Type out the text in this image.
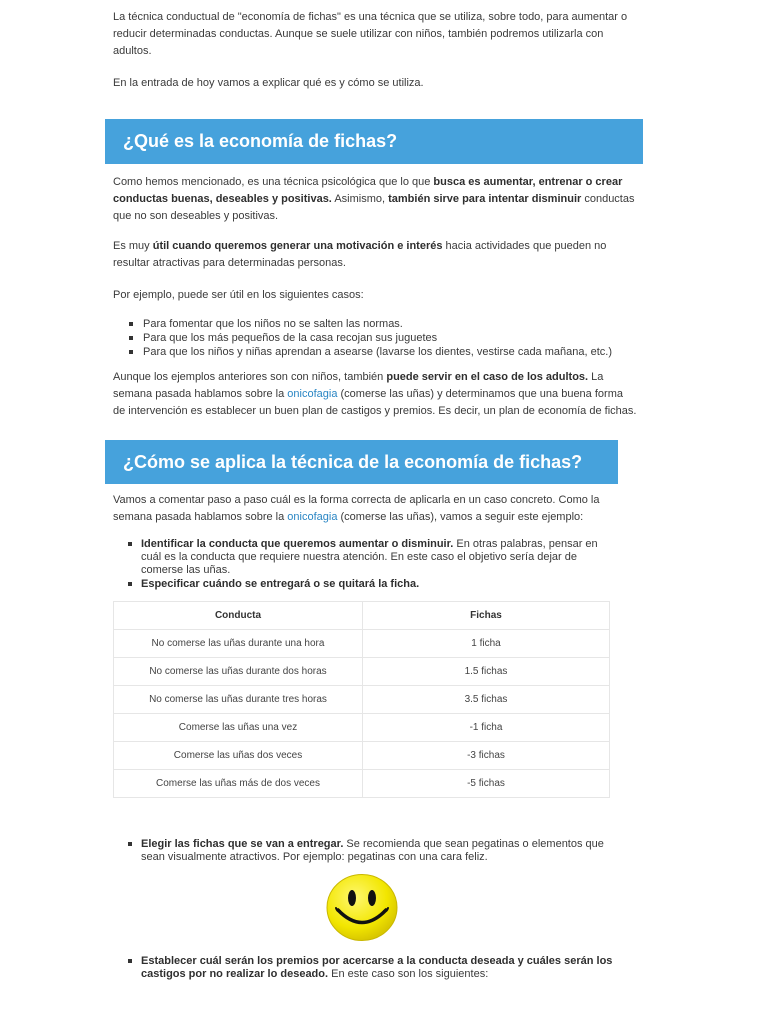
La técnica conductual de "economía de fichas" es una técnica que se utiliza, sobre todo, para aumentar o reducir determinadas conductas. Aunque se suele utilizar con niños, también podremos utilizarla con adultos.

En la entrada de hoy vamos a explicar qué es y cómo se utiliza.

¿Qué es la economía de fichas?

Como hemos mencionado, es una técnica psicológica que lo que busca es aumentar, entrenar o crear conductas buenas, deseables y positivas. Asimismo, también sirve para intentar disminuir conductas que no son deseables y positivas.

Es muy útil cuando queremos generar una motivación e interés hacia actividades que pueden no resultar atractivas para determinadas personas.

Por ejemplo, puede ser útil en los siguientes casos:

Para fomentar que los niños no se salten las normas.
Para que los más pequeños de la casa recojan sus juguetes
Para que los niños y niñas aprendan a asearse (lavarse los dientes, vestirse cada mañana, etc.)

Aunque los ejemplos anteriores son con niños, también puede servir en el caso de los adultos. La semana pasada hablamos sobre la onicofagia (comerse las uñas) y determinamos que una buena forma de intervención es establecer un buen plan de castigos y premios. Es decir, un plan de economía de fichas.

¿Cómo se aplica la técnica de la economía de fichas?

Vamos a comentar paso a paso cuál es la forma correcta de aplicarla en un caso concreto. Como la semana pasada hablamos sobre la onicofagia (comerse las uñas), vamos a seguir este ejemplo:

Identificar la conducta que queremos aumentar o disminuir. En otras palabras, pensar en cuál es la conducta que requiere nuestra atención. En este caso el objetivo sería dejar de comerse las uñas.
Especificar cuándo se entregará o se quitará la ficha.
Conducta	Fichas
No comerse las uñas durante una hora	1 ficha
No comerse las uñas durante dos horas	1.5 fichas
No comerse las uñas durante tres horas	3.5 fichas
Comerse las uñas una vez	-1 ficha
Comerse las uñas dos veces	-3 fichas
Comerse las uñas más de dos veces	-5 fichas
Elegir las fichas que se van a entregar. Se recomienda que sean pegatinas o elementos que sean visualmente atractivos. Por ejemplo: pegatinas con una cara feliz.
Establecer cuál serán los premios por acercarse a la conducta deseada y cuáles serán los castigos por no realizar lo deseado. En este caso son los siguientes:
